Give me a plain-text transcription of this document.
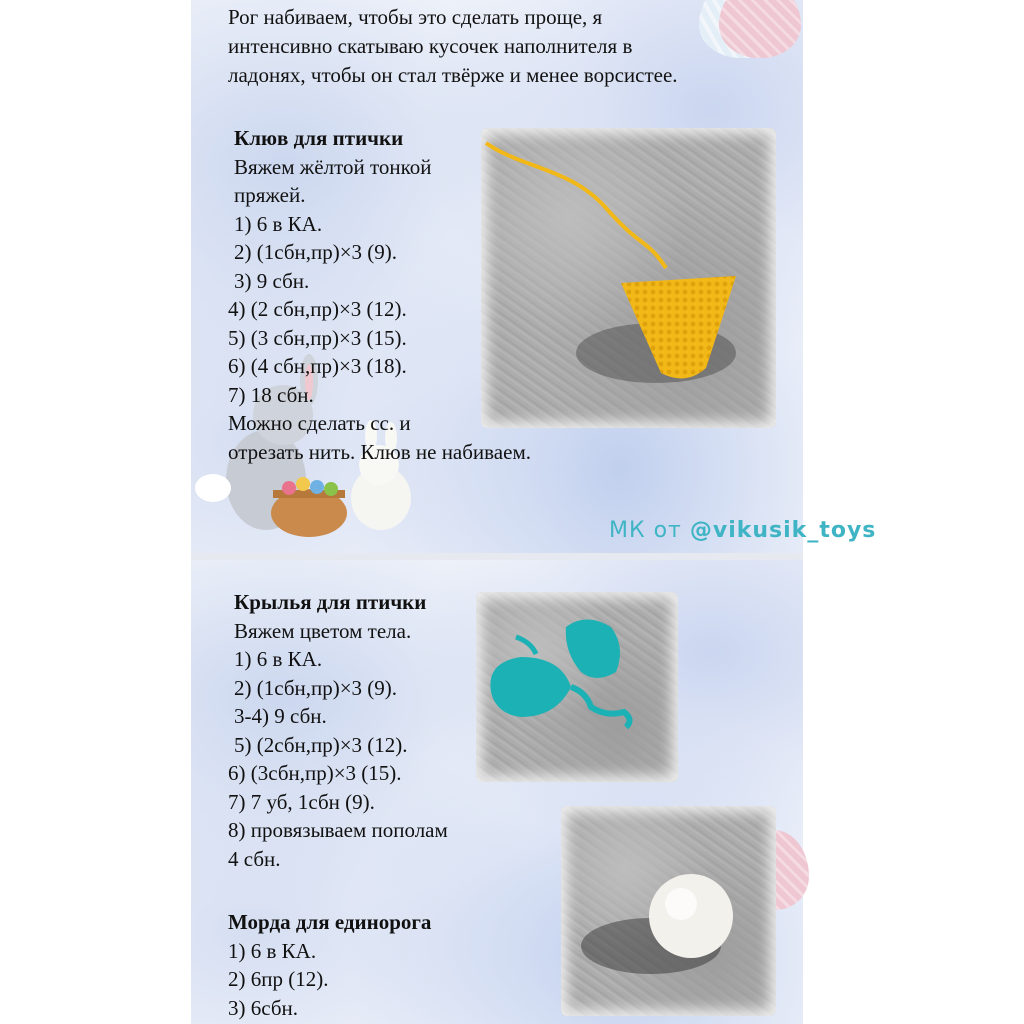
Рог набиваем, чтобы это сделать проще, я
интенсивно скатываю кусочек наполнителя в
ладонях, чтобы он стал твёрже и менее ворсистее.
Клюв для птички
Вяжем жёлтой тонкой
пряжей.
1) 6 в КА.
2) (1сбн,пр)×3 (9).
3) 9 сбн.
4) (2 сбн,пр)×3 (12).
5) (3 сбн,пр)×3 (15).
6) (4 сбн,пр)×3 (18).
7) 18 сбн.
Можно сделать сс. и
отрезать нить. Клюв не набиваем.
МК от @vikusik_toys
Крылья для птички
Вяжем цветом тела.
1) 6 в КА.
2) (1сбн,пр)×3 (9).
3-4) 9 сбн.
5) (2сбн,пр)×3 (12).
6) (3сбн,пр)×3 (15).
7) 7 уб, 1сбн (9).
8) провязываем пополам
4 сбн.
Морда для единорога
1) 6 в КА.
2) 6пр (12).
3) 6сбн.
